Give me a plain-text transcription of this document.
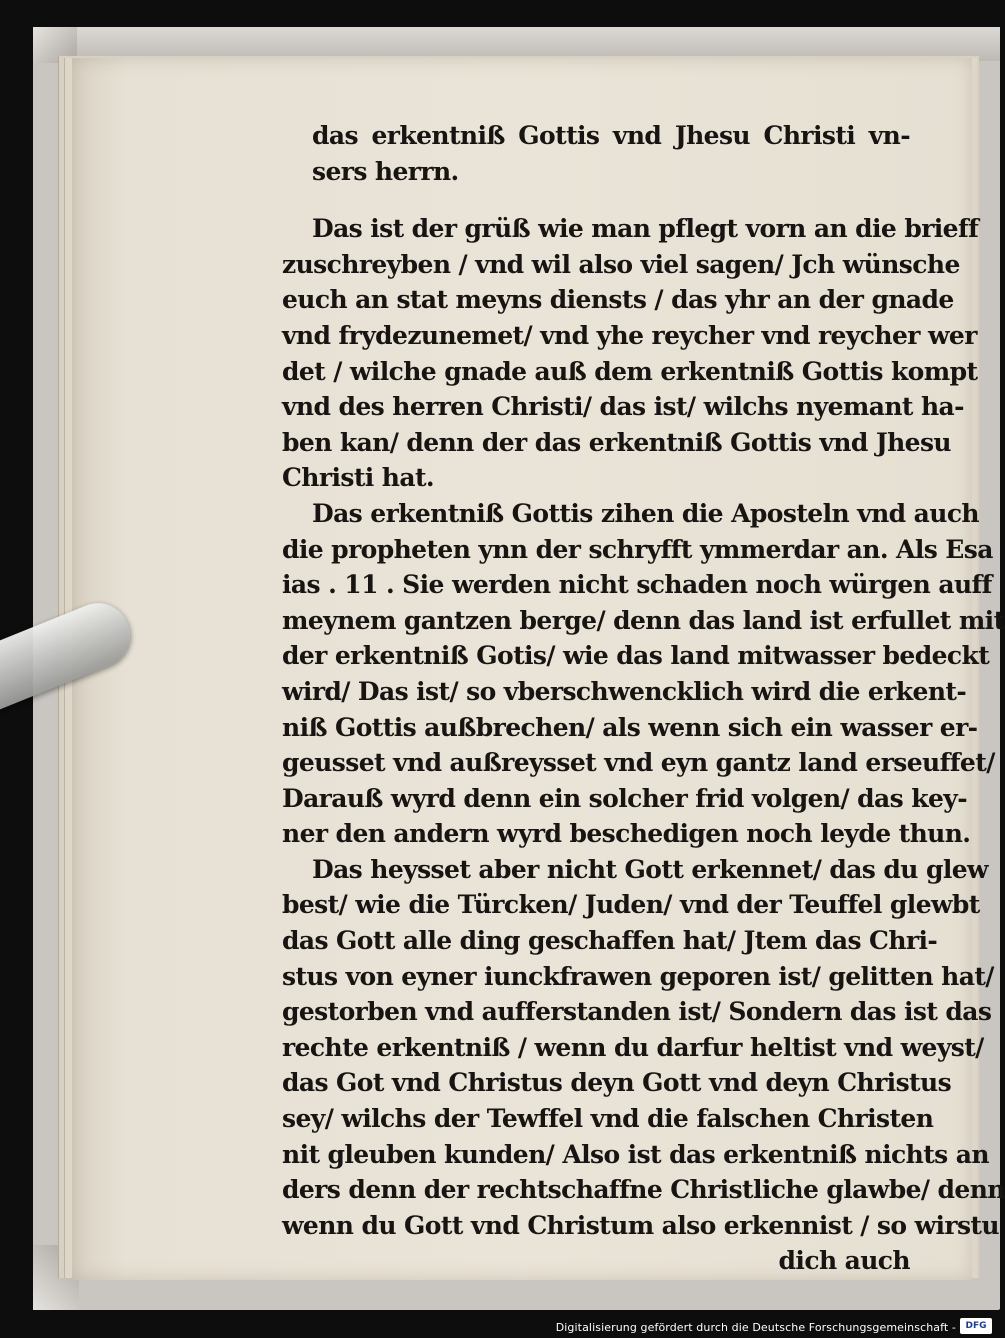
das erkentniß Gottis vnd Jhesu Christi vn-
sers herrn.
Das ist der grüß wie man pflegt vorn an die brieff
zuschreyben / vnd wil also viel sagen/ Jch wünsche
euch an stat meyns diensts / das yhr an der gnade
vnd frydezunemet/ vnd yhe reycher vnd reycher wer
det / wilche gnade auß dem erkentniß Gottis kompt
vnd des herren Christi/ das ist/ wilchs nyemant ha-
ben kan/ denn der das erkentniß Gottis vnd Jhesu
Christi hat.
Das erkentniß Gottis zihen die Aposteln vnd auch
die propheten ynn der schryfft ymmerdar an. Als Esa
ias . 11 . Sie werden nicht schaden noch würgen auff
meynem gantzen berge/ denn das land ist erfullet mit
der erkentniß Gotis/ wie das land mitwasser bedeckt
wird/ Das ist/ so vberschwencklich wird die erkent-
niß Gottis außbrechen/ als wenn sich ein wasser er-
geusset vnd außreysset vnd eyn gantz land erseuffet/
Darauß wyrd denn ein solcher frid volgen/ das key-
ner den andern wyrd beschedigen noch leyde thun.
Das heysset aber nicht Gott erkennet/ das du glew
best/ wie die Türcken/ Juden/ vnd der Teuffel glewbt
das Gott alle ding geschaffen hat/ Jtem das Chri-
stus von eyner iunckfrawen geporen ist/ gelitten hat/
gestorben vnd aufferstanden ist/ Sondern das ist das
rechte erkentniß / wenn du darfur heltist vnd weyst/
das Got vnd Christus deyn Gott vnd deyn Christus
sey/ wilchs der Tewffel vnd die falschen Christen
nit gleuben kunden/ Also ist das erkentniß nichts an
ders denn der rechtschaffne Christliche glawbe/ denn
wenn du Gott vnd Christum also erkennist / so wirstu
dich auch
Digitalisierung gefördert durch die Deutsche Forschungsgemeinschaft - DFG
